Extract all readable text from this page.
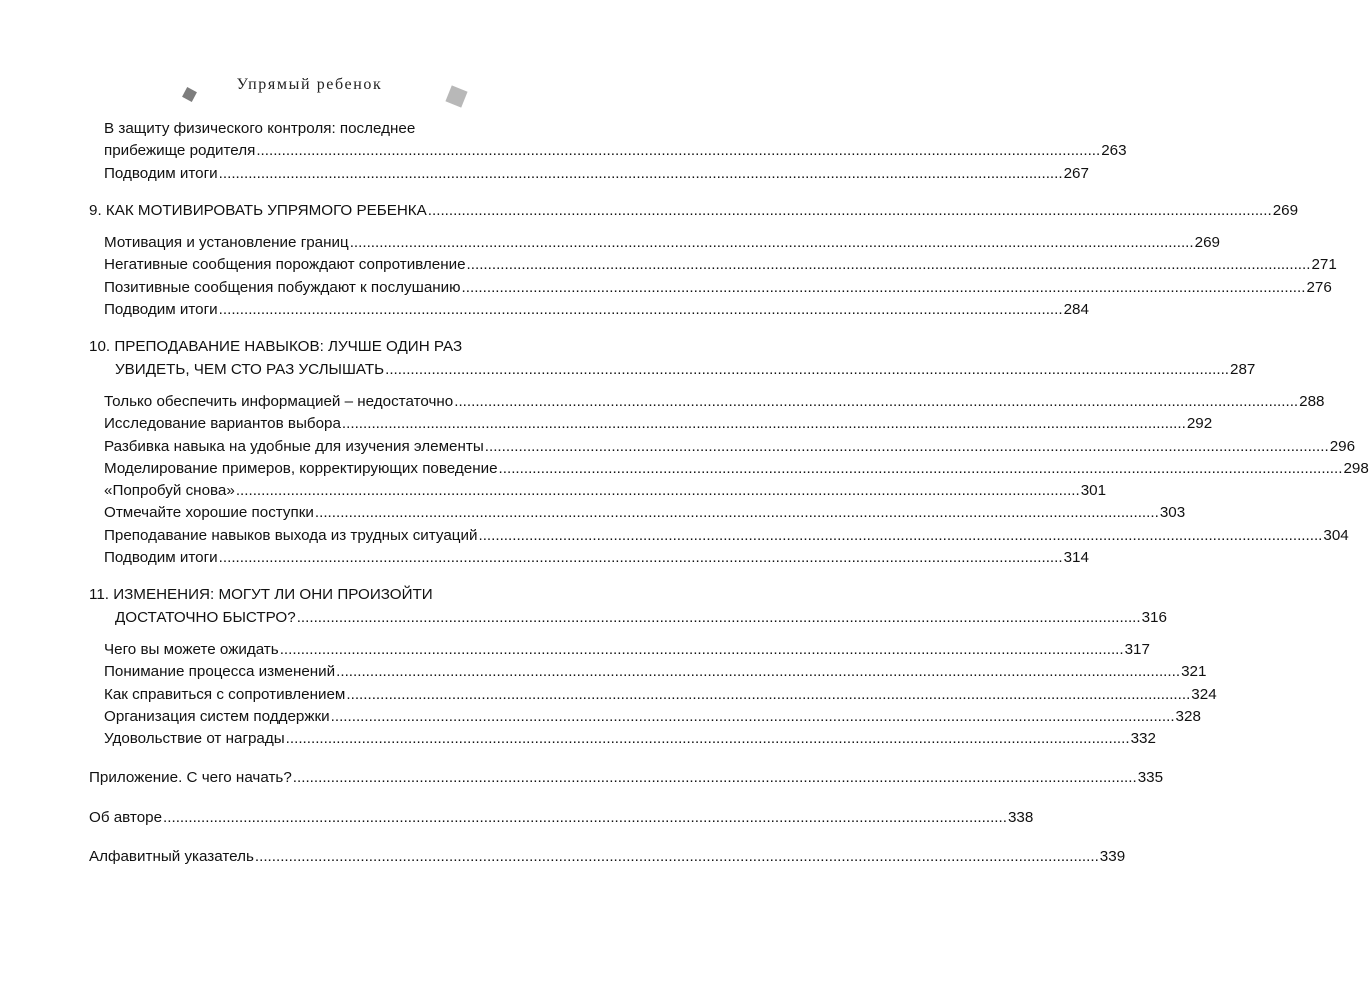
Упрямый ребенок
В защиту физического контроля: последнее
прибежище родителя ........................................................................................................................................................................................................ 263
Подводим итоги ........................................................................................................................................................................................................ 267
9. КАК МОТИВИРОВАТЬ УПРЯМОГО РЕБЕНКА ........................................................................................................................................................................................................ 269
Мотивация и установление границ ........................................................................................................................................................................................................ 269
Негативные сообщения порождают сопротивление ........................................................................................................................................................................................................ 271
Позитивные сообщения побуждают к послушанию ........................................................................................................................................................................................................ 276
Подводим итоги ........................................................................................................................................................................................................ 284
10. ПРЕПОДАВАНИЕ НАВЫКОВ: ЛУЧШЕ ОДИН РАЗ
УВИДЕТЬ, ЧЕМ СТО РАЗ УСЛЫШАТЬ ........................................................................................................................................................................................................ 287
Только обеспечить информацией – недостаточно ........................................................................................................................................................................................................ 288
Исследование вариантов выбора ........................................................................................................................................................................................................ 292
Разбивка навыка на удобные для изучения элементы ........................................................................................................................................................................................................ 296
Моделирование примеров, корректирующих поведение ........................................................................................................................................................................................................ 298
«Попробуй снова» ........................................................................................................................................................................................................ 301
Отмечайте хорошие поступки ........................................................................................................................................................................................................ 303
Преподавание навыков выхода из трудных ситуаций ........................................................................................................................................................................................................ 304
Подводим итоги ........................................................................................................................................................................................................ 314
11. ИЗМЕНЕНИЯ: МОГУТ ЛИ ОНИ ПРОИЗОЙТИ
ДОСТАТОЧНО БЫСТРО? ........................................................................................................................................................................................................ 316
Чего вы можете ожидать ........................................................................................................................................................................................................ 317
Понимание процесса изменений ........................................................................................................................................................................................................ 321
Как справиться с сопротивлением ........................................................................................................................................................................................................ 324
Организация систем поддержки ........................................................................................................................................................................................................ 328
Удовольствие от награды ........................................................................................................................................................................................................ 332
Приложение. С чего начать? ........................................................................................................................................................................................................ 335
Об авторе ........................................................................................................................................................................................................ 338
Алфавитный указатель ........................................................................................................................................................................................................ 339
